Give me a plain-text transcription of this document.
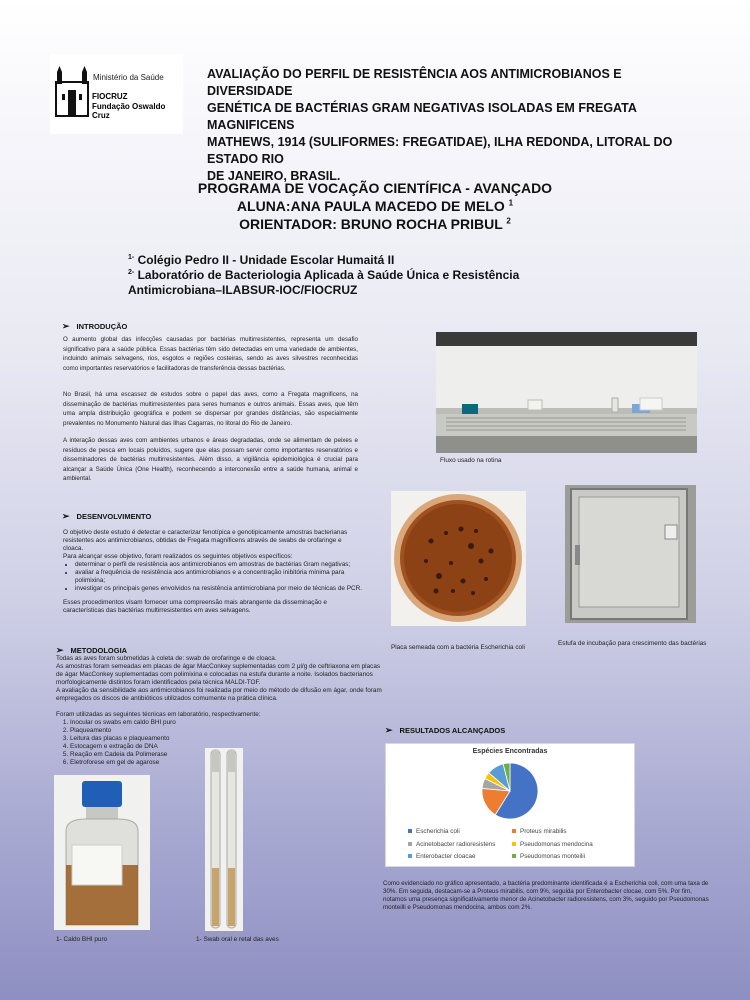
Ministério da Saúde
FIOCRUZ
Fundação Oswaldo Cruz
AVALIAÇÃO DO PERFIL DE RESISTÊNCIA AOS ANTIMICROBIANOS E DIVERSIDADE
GENÉTICA DE BACTÉRIAS GRAM NEGATIVAS ISOLADAS EM FREGATA MAGNIFICENS
MATHEWS, 1914 (SULIFORMES: FREGATIDAE), ILHA REDONDA, LITORAL DO ESTADO RIO
DE JANEIRO, BRASIL.
PROGRAMA DE VOCAÇÃO CIENTÍFICA - AVANÇADO
ALUNA:ANA PAULA MACEDO DE MELO $^1$
ORIENTADOR: BRUNO ROCHA PRIBUL $^2$
$^{1-}$ Colégio Pedro II - Unidade Escolar Humaitá II
$^{2-}$ Laboratório de Bacteriologia Aplicada à Saúde Única e Resistência
Antimicrobiana–ILABSUR-IOC/FIOCRUZ
➢ INTRODUÇÃO
O aumento global das infecções causadas por bactérias multirresistentes, representa um desafio significativo para a saúde pública. Essas bactérias têm sido detectadas em uma variedade de ambientes, incluindo animais selvagens, rios, esgotos e regiões costeiras, sendo as aves silvestres reconhecidas como importantes reservatórios e facilitadoras de transferência dessas bactérias.
No Brasil, há uma escassez de estudos sobre o papel das aves, como a Fregata magnificens, na disseminação de bactérias multirresistentes para seres humanos e outros animais. Essas aves, que têm uma ampla distribuição geográfica e podem se dispersar por grandes distâncias, são especialmente prevalentes no Monumento Natural das Ilhas Cagarras, no litoral do Rio de Janeiro.
A interação dessas aves com ambientes urbanos e áreas degradadas, onde se alimentam de peixes e resíduos de pesca em locais poluídos, sugere que elas possam servir como importantes reservatórios e disseminadores de bactérias multirresistentes. Além disso, a vigilância epidemiológica é crucial para alcançar a Saúde Única (One Health), reconhecendo a interconexão entre a saúde humana, animal e ambiental.
➢ DESENVOLVIMENTO
O objetivo deste estudo é detectar e caracterizar fenotípica e genotipicamente amostras bacterianas resistentes aos antimicrobianos, obtidas de Fregata magnificens através de swabs de orofaringe e cloaca.
Para alcançar esse objetivo, foram realizados os seguintes objetivos específicos:
• determinar o perfil de resistência aos antimicrobianos em amostras de bactérias Gram negativas;
• avaliar a frequência de resistência aos antimicrobianos e a concentração inibitória mínima para polimixina;
• investigar os principais genes envolvidos na resistência antimicrobiana por meio de técnicas de PCR.
Esses procedimentos visam fornecer uma compreensão mais abrangente da disseminação e características das bactérias multirresistentes em aves selvagens.
➢ METODOLOGIA
Todas as aves foram submetidas à coleta de: swab de orofaringe e de cloaca.
As amostras foram semeadas em placas de ágar MacConkey suplementadas com 2 μl/g de ceftriaxona em placas
de ágar MacConkey suplementadas com polimixina e colocadas na estufa durante a noite. Isolados bacterianos
morfologicamente distintos foram identificados pela técnica MALDI-TOF.
A avaliação da sensibilidade aos antimicrobianos foi realizada por meio do método de difusão em ágar, onde foram
empregados os discos de antibióticos utilizados comumente na prática clínica.
Foram utilizadas as seguintes técnicas em laboratório, respectivamente:
1. Inocular os swabs em caldo BHI puro
2. Plaqueamento
3. Leitura das placas e plaqueamento
4. Estocagem e extração de DNA
5. Reação em Cadeia da Polimerase
6. Eletroforese em gel de agarose
Fluxo usado na rotina
Placa semeada com a bactéria Escherichia coli
Estufa de incubação para crescimento das bactérias
1- Caldo BHI puro	1- Swab oral e retal das aves
➢ RESULTADOS ALCANÇADOS
Espécies Encontradas
Escherichia coli	Proteus mirabilis
Acinetobacter radioresistens	Pseudomonas mendocina
Enterobacter cloacae	Pseudomonas monteilii
Como evidenciado no gráfico apresentado, a bactéria predominante identificada é a Escherichia coli, com uma taxa de
30%. Em seguida, destacam-se a Proteus mirabilis, com 9%, seguida por Enterobacter clocae, com 5%. Por fim,
notamos uma presença significativamente menor de Acinetobacter radioresistens, com 3%, seguido por Pseudomonas
monteilli e Pseudomonas mendocina, ambos com 2%.
